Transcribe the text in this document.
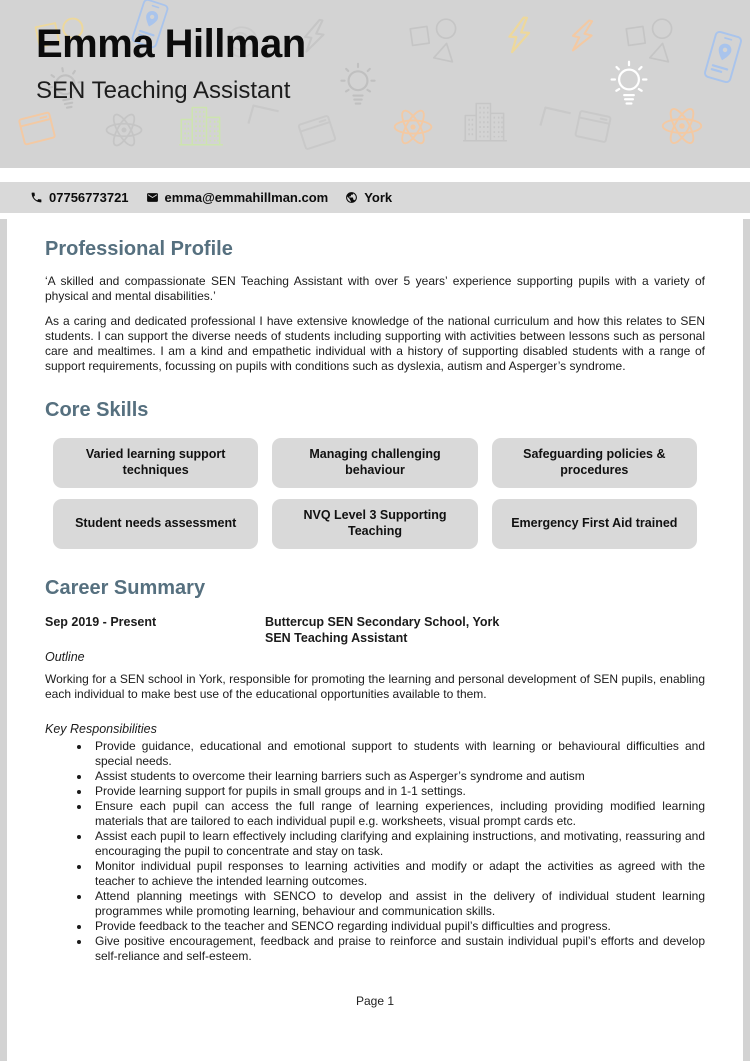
Emma Hillman
SEN Teaching Assistant
07756773721	emma@emmahillman.com	York
Professional Profile

‘A skilled and compassionate SEN Teaching Assistant with over 5 years’ experience supporting pupils with a variety of physical and mental disabilities.’

As a caring and dedicated professional I have extensive knowledge of the national curriculum and how this relates to SEN students. I can support the diverse needs of students including supporting with activities between lessons such as personal care and mealtimes. I am a kind and empathetic individual with a history of supporting disabled students with a range of support requirements, focussing on pupils with conditions such as dyslexia, autism and Asperger’s syndrome.

Core Skills
Varied learning support techniques
Managing challenging behaviour
Safeguarding policies & procedures
Student needs assessment
NVQ Level 3 Supporting Teaching
Emergency First Aid trained
Career Summary
Sep 2019 - Present	Buttercup SEN Secondary School, York
SEN Teaching Assistant
Outline

Working for a SEN school in York, responsible for promoting the learning and personal development of SEN pupils, enabling each individual to make best use of the educational opportunities available to them.

Key Responsibilities
• Provide guidance, educational and emotional support to students with learning or behavioural difficulties and special needs.
• Assist students to overcome their learning barriers such as Asperger’s syndrome and autism
• Provide learning support for pupils in small groups and in 1-1 settings.
• Ensure each pupil can access the full range of learning experiences, including providing modified learning materials that are tailored to each individual pupil e.g. worksheets, visual prompt cards etc.
• Assist each pupil to learn effectively including clarifying and explaining instructions, and motivating, reassuring and encouraging the pupil to concentrate and stay on task.
• Monitor individual pupil responses to learning activities and modify or adapt the activities as agreed with the teacher to achieve the intended learning outcomes.
• Attend planning meetings with SENCO to develop and assist in the delivery of individual student learning programmes while promoting learning, behaviour and communication skills.
• Provide feedback to the teacher and SENCO regarding individual pupil’s difficulties and progress.
• Give positive encouragement, feedback and praise to reinforce and sustain individual pupil’s efforts and develop self-reliance and self-esteem.
Page 1
